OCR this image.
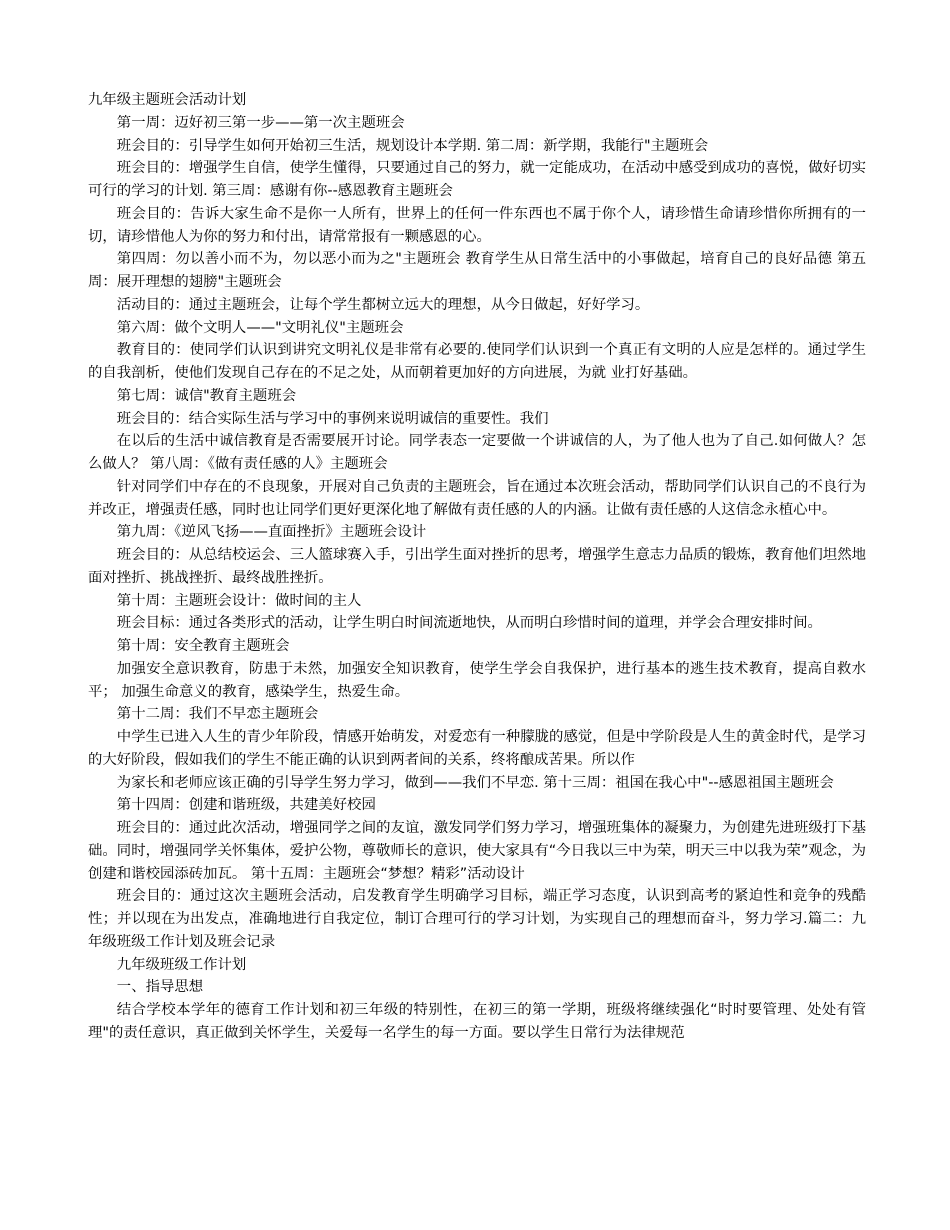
九年级主题班会活动计划

第一周：迈好初三第一步——第一次主题班会

班会目的：引导学生如何开始初三生活，规划设计本学期. 第二周：新学期，我能行"主题班会

班会目的：增强学生自信，使学生懂得，只要通过自己的努力，就一定能成功，在活动中感受到成功的喜悦，做好切实可行的学习的计划. 第三周：感谢有你--感恩教育主题班会

班会目的：告诉大家生命不是你一人所有，世界上的任何一件东西也不属于你个人，请珍惜生命请珍惜你所拥有的一切，请珍惜他人为你的努力和付出，请常常报有一颗感恩的心。

第四周：勿以善小而不为，勿以恶小而为之"主题班会 教育学生从日常生活中的小事做起，培育自己的良好品德 第五周：展开理想的翅膀"主题班会

活动目的：通过主题班会，让每个学生都树立远大的理想，从今日做起，好好学习。

第六周：做个文明人——"文明礼仪"主题班会

教育目的：使同学们认识到讲究文明礼仪是非常有必要的.使同学们认识到一个真正有文明的人应是怎样的。通过学生的自我剖析，使他们发现自己存在的不足之处，从而朝着更加好的方向进展，为就 业打好基础。

第七周：诚信"教育主题班会

班会目的：结合实际生活与学习中的事例来说明诚信的重要性。我们

在以后的生活中诚信教育是否需要展开讨论。同学表态一定要做一个讲诚信的人，为了他人也为了自己.如何做人？怎么做人？ 第八周：《做有责任感的人》主题班会

针对同学们中存在的不良现象，开展对自己负责的主题班会，旨在通过本次班会活动，帮助同学们认识自己的不良行为并改正，增强责任感，同时也让同学们更好更深化地了解做有责任感的人的内涵。让做有责任感的人这信念永植心中。

第九周：《逆风飞扬——直面挫折》主题班会设计

班会目的：从总结校运会、三人篮球赛入手，引出学生面对挫折的思考，增强学生意志力品质的锻炼，教育他们坦然地面对挫折、挑战挫折、最终战胜挫折。

第十周：主题班会设计：做时间的主人

班会目标：通过各类形式的活动，让学生明白时间流逝地快，从而明白珍惜时间的道理，并学会合理安排时间。

第十周：安全教育主题班会

加强安全意识教育，防患于未然，加强安全知识教育，使学生学会自我保护，进行基本的逃生技术教育，提高自救水平； 加强生命意义的教育，感染学生，热爱生命。

第十二周：我们不早恋主题班会

中学生已进入人生的青少年阶段，情感开始萌发，对爱恋有一种朦胧的感觉，但是中学阶段是人生的黄金时代，是学习的大好阶段，假如我们的学生不能正确的认识到两者间的关系，终将酿成苦果。所以作

为家长和老师应该正确的引导学生努力学习，做到——我们不早恋. 第十三周：祖国在我心中"--感恩祖国主题班会

第十四周：创建和谐班级，共建美好校园

班会目的：通过此次活动，增强同学之间的友谊，激发同学们努力学习，增强班集体的凝聚力，为创建先进班级打下基础。同时，增强同学关怀集体，爱护公物，尊敬师长的意识，使大家具有“今日我以三中为荣，明天三中以我为荣”观念，为创建和谐校园添砖加瓦。 第十五周：主题班会“梦想？精彩”活动设计

班会目的：通过这次主题班会活动，启发教育学生明确学习目标，端正学习态度，认识到高考的紧迫性和竞争的残酷性；并以现在为出发点，准确地进行自我定位，制订合理可行的学习计划，为实现自己的理想而奋斗，努力学习.篇二：九年级班级工作计划及班会记录

九年级班级工作计划

一、指导思想

结合学校本学年的德育工作计划和初三年级的特别性，在初三的第一学期，班级将继续强化“时时要管理、处处有管理"的责任意识，真正做到关怀学生，关爱每一名学生的每一方面。要以学生日常行为法律规范
